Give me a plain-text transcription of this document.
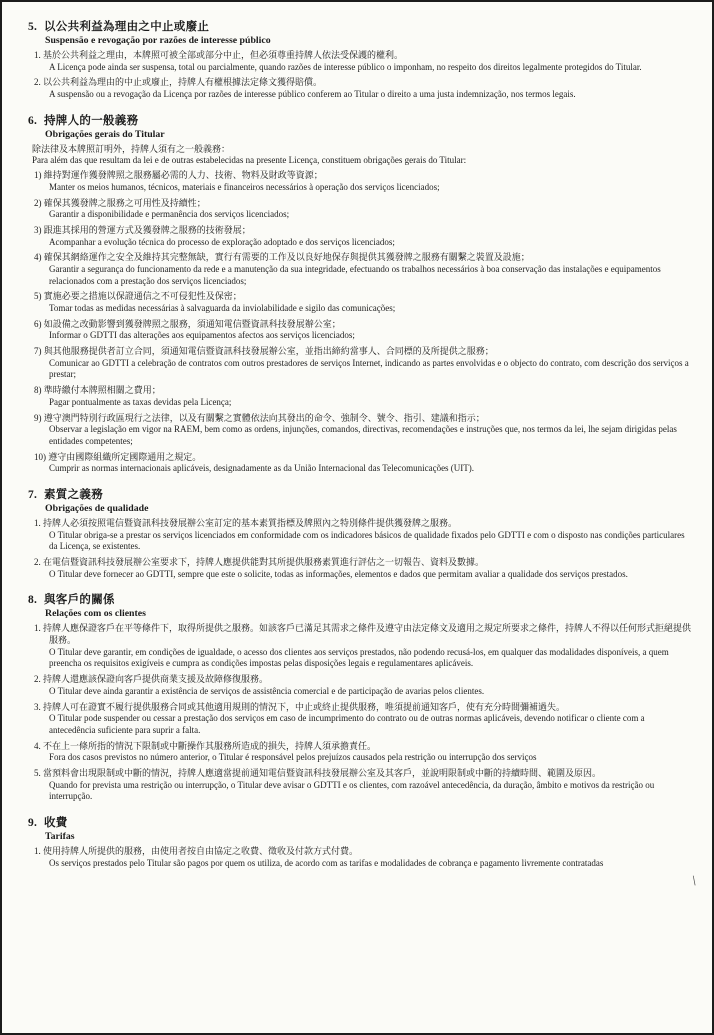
5. 以公共利益為理由之中止或廢止
Suspensão e revogação por razões de interesse público
1. 基於公共利益之理由，本牌照可被全部或部分中止，但必須尊重持牌人依法受保護的權利。
A Licença pode ainda ser suspensa, total ou parcialmente, quando razões de interesse público o imponham, no respeito dos direitos legalmente protegidos do Titular.
2. 以公共利益為理由的中止或廢止，持牌人有權根據法定條文獲得賠償。
A suspensão ou a revogação da Licença por razões de interesse público conferem ao Titular o direito a uma justa indemnização, nos termos legais.
6. 持牌人的一般義務
Obrigações gerais do Titular
除法律及本牌照訂明外，持牌人須有之一般義務：
Para além das que resultam da lei e de outras estabelecidas na presente Licença, constituem obrigações gerais do Titular:
1) 維持對運作獲發牌照之服務屬必需的人力、技術、物料及財政等資源；
Manter os meios humanos, técnicos, materiais e financeiros necessários à operação dos serviços licenciados;
2) 確保其獲發牌之服務之可用性及持續性；
Garantir a disponibilidade e permanência dos serviços licenciados;
3) 跟進其採用的營運方式及獲發牌之服務的技術發展；
Acompanhar a evolução técnica do processo de exploração adoptado e dos serviços licenciados;
4) 確保其網絡運作之安全及維持其完整無缺，實行有需要的工作及以良好地保存與提供其獲發牌之服務有關繫之裝置及設施；
Garantir a segurança do funcionamento da rede e a manutenção da sua integridade, efectuando os trabalhos necessários à boa conservação das instalações e equipamentos relacionados com a prestação dos serviços licenciados;
5) 實施必要之措施以保證通信之不可侵犯性及保密；
Tomar todas as medidas necessárias à salvaguarda da inviolabilidade e sigilo das comunicações;
6) 如設備之改動影響到獲發牌照之服務，須通知電信暨資訊科技發展辦公室；
Informar o GDTTI das alterações aos equipamentos afectos aos serviços licenciados;
7) 與其他服務提供者訂立合同，須通知電信暨資訊科技發展辦公室，並指出締約當事人、合同標的及所提供之服務；
Comunicar ao GDTTI a celebração de contratos com outros prestadores de serviços Internet, indicando as partes envolvidas e o objecto do contrato, com descrição dos serviços a prestar;
8) 準時繳付本牌照相關之費用；
Pagar pontualmente as taxas devidas pela Licença;
9) 遵守澳門特別行政區現行之法律，以及有關繫之實體依法向其發出的命令、強制令、號令、指引、建議和指示；
Observar a legislação em vigor na RAEM, bem como as ordens, injunções, comandos, directivas, recomendações e instruções que, nos termos da lei, lhe sejam dirigidas pelas entidades competentes;
10) 遵守由國際組織所定國際通用之規定。
Cumprir as normas internacionais aplicáveis, designadamente as da União Internacional das Telecomunicações (UIT).
7. 素質之義務
Obrigações de qualidade
1. 持牌人必須按照電信暨資訊科技發展辦公室訂定的基本素質指標及牌照內之特別條件提供獲發牌之服務。
O Titular obriga-se a prestar os serviços licenciados em conformidade com os indicadores básicos de qualidade fixados pelo GDTTI e com o disposto nas condições particulares da Licença, se existentes.
2. 在電信暨資訊科技發展辦公室要求下，持牌人應提供能對其所提供服務素質進行評估之一切報告、資料及數據。
O Titular deve fornecer ao GDTTI, sempre que este o solicite, todas as informações, elementos e dados que permitam avaliar a qualidade dos serviços prestados.
8. 與客戶的關係
Relações com os clientes
1. 持牌人應保證客戶在平等條件下，取得所提供之服務。如該客戶已滿足其需求之條件及遵守由法定條文及適用之規定所要求之條件，持牌人不得以任何形式拒絕提供服務。
O Titular deve garantir, em condições de igualdade, o acesso dos clientes aos serviços prestados, não podendo recusá-los, em qualquer das modalidades disponíveis, a quem preencha os requisitos exigíveis e cumpra as condições impostas pelas disposições legais e regulamentares aplicáveis.
2. 持牌人還應該保證向客戶提供商業支援及故障修復服務。
O Titular deve ainda garantir a existência de serviços de assistência comercial e de participação de avarias pelos clientes.
3. 持牌人可在證實不履行提供服務合同或其他適用規則的情況下，中止或終止提供服務，唯須提前通知客戶，使有充分時間彌補過失。
O Titular pode suspender ou cessar a prestação dos serviços em caso de incumprimento do contrato ou de outras normas aplicáveis, devendo notificar o cliente com a antecedência suficiente para suprir a falta.
4. 不在上一條所指的情況下限制或中斷操作其服務所造成的損失，持牌人須承擔責任。
Fora dos casos previstos no número anterior, o Titular é responsável pelos prejuízos causados pela restrição ou interrupção dos serviços
5. 當預料會出現限制或中斷的情況，持牌人應適當提前通知電信暨資訊科技發展辦公室及其客戶，並說明限制或中斷的持續時間、範圍及原因。
Quando for prevista uma restrição ou interrupção, o Titular deve avisar o GDTTI e os clientes, com razoável antecedência, da duração, âmbito e motivos da restrição ou interrupção.
9. 收費
Tarifas
1. 使用持牌人所提供的服務，由使用者按自由協定之收費、徵收及付款方式付費。
Os serviços prestados pelo Titular são pagos por quem os utiliza, de acordo com as tarifas e modalidades de cobrança e pagamento livremente contratadas
\
